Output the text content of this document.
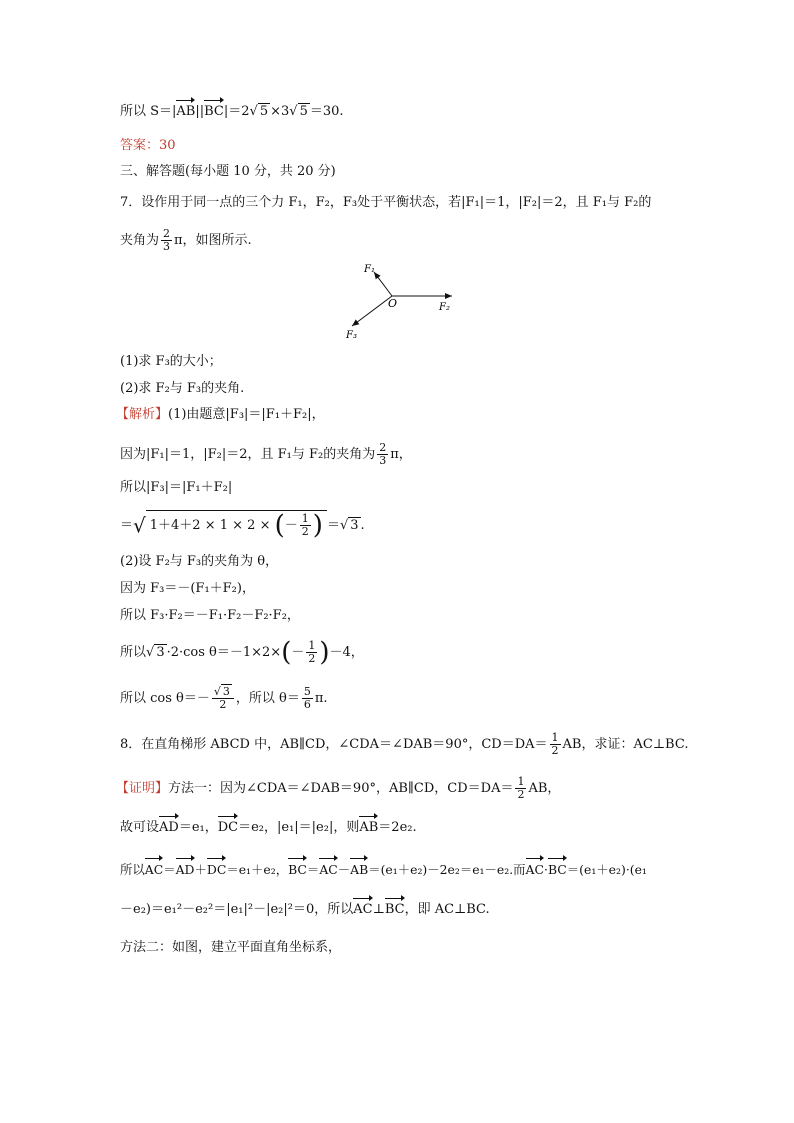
所以 S＝|AB||BC|＝2√ 5 ×3√ 5 ＝30.
答案：30
三、解答题(每小题 10 分，共 20 分)
7．设作用于同一点的三个力 F₁，F₂，F₃处于平衡状态，若|F₁|＝1，|F₂|＝2，且 F₁与 F₂的
夹角为 $\frac{2}{3}$ π，如图所示.
F₁
O	F₂
F₃
(1)求 F₃的大小；
(2)求 F₂与 F₃的夹角.
【解析】(1)由题意|F₃|＝|F₁＋F₂|，
因为|F₁|＝1，|F₂|＝2，且 F₁与 F₂的夹角为 $\frac{2}{3}$ π，
所以|F₃|＝|F₁＋F₂|
＝√ 1＋4＋2 × 1 × 2 × (－ $\frac{1}{2}$ ) ＝√ 3 .
(2)设 F₂与 F₃的夹角为 θ，
因为 F₃＝－(F₁＋F₂)，
所以 F₃·F₂＝－F₁·F₂－F₂·F₂，
所以√ 3 ·2·cos $\theta=-1\times 2\times(- \frac{1}{2} )-4$，
所以 $\cos \theta=- \frac{√ 3}{2}$ ，所以 $\theta= \frac{5}{6} \pi$.
8．在直角梯形 ABCD 中，AB∥CD，∠CDA＝∠DAB＝90°，$CD=DA= \frac{1}{2}$ AB，求证：AC⊥BC.
【证明】方法一：因为∠CDA＝∠DAB＝90°，AB∥CD，$CD=DA= \frac{1}{2}$ AB，
故可设AD＝e₁，DC＝e₂，|e₁|＝|e₂|，则AB＝2e₂.
所以AC＝AD＋DC＝e₁＋e₂，BC＝AC－AB＝(e₁＋e₂)－2e₂＝e₁－e₂.而AC·BC＝(e₁＋e₂)·(e₁
－e₂)＝e₁²－e₂²＝|e₁|²－|e₂|²＝0，所以AC⊥BC，即 AC⊥BC.
方法二：如图，建立平面直角坐标系，
